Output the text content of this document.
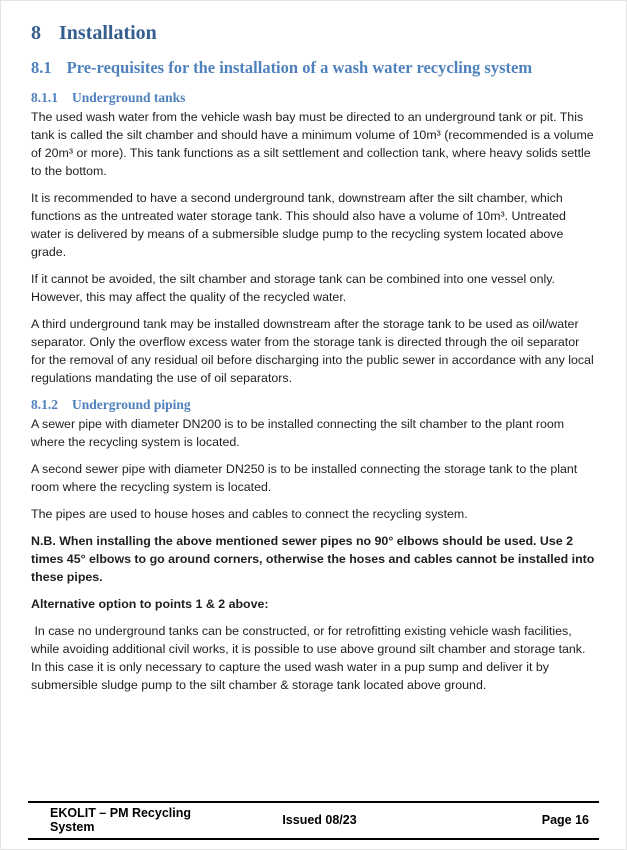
8 Installation
8.1 Pre-requisites for the installation of a wash water recycling system
8.1.1 Underground tanks

The used wash water from the vehicle wash bay must be directed to an underground tank or pit. This tank is called the silt chamber and should have a minimum volume of 10m³ (recommended is a volume of 20m³ or more). This tank functions as a silt settlement and collection tank, where heavy solids settle to the bottom.

It is recommended to have a second underground tank, downstream after the silt chamber, which functions as the untreated water storage tank. This should also have a volume of 10m³. Untreated water is delivered by means of a submersible sludge pump to the recycling system located above grade.

If it cannot be avoided, the silt chamber and storage tank can be combined into one vessel only. However, this may affect the quality of the recycled water.

A third underground tank may be installed downstream after the storage tank to be used as oil/water separator. Only the overflow excess water from the storage tank is directed through the oil separator for the removal of any residual oil before discharging into the public sewer in accordance with any local regulations mandating the use of oil separators.

8.1.2 Underground piping

A sewer pipe with diameter DN200 is to be installed connecting the silt chamber to the plant room where the recycling system is located.

A second sewer pipe with diameter DN250 is to be installed connecting the storage tank to the plant room where the recycling system is located.

The pipes are used to house hoses and cables to connect the recycling system.

N.B. When installing the above mentioned sewer pipes no 90° elbows should be used. Use 2 times 45° elbows to go around corners, otherwise the hoses and cables cannot be installed into these pipes.

Alternative option to points 1 & 2 above:

In case no underground tanks can be constructed, or for retrofitting existing vehicle wash facilities, while avoiding additional civil works, it is possible to use above ground silt chamber and storage tank. In this case it is only necessary to capture the used wash water in a pup sump and deliver it by submersible sludge pump to the silt chamber & storage tank located above ground.

EKOLIT – PM Recycling System	Issued 08/23	Page 16
